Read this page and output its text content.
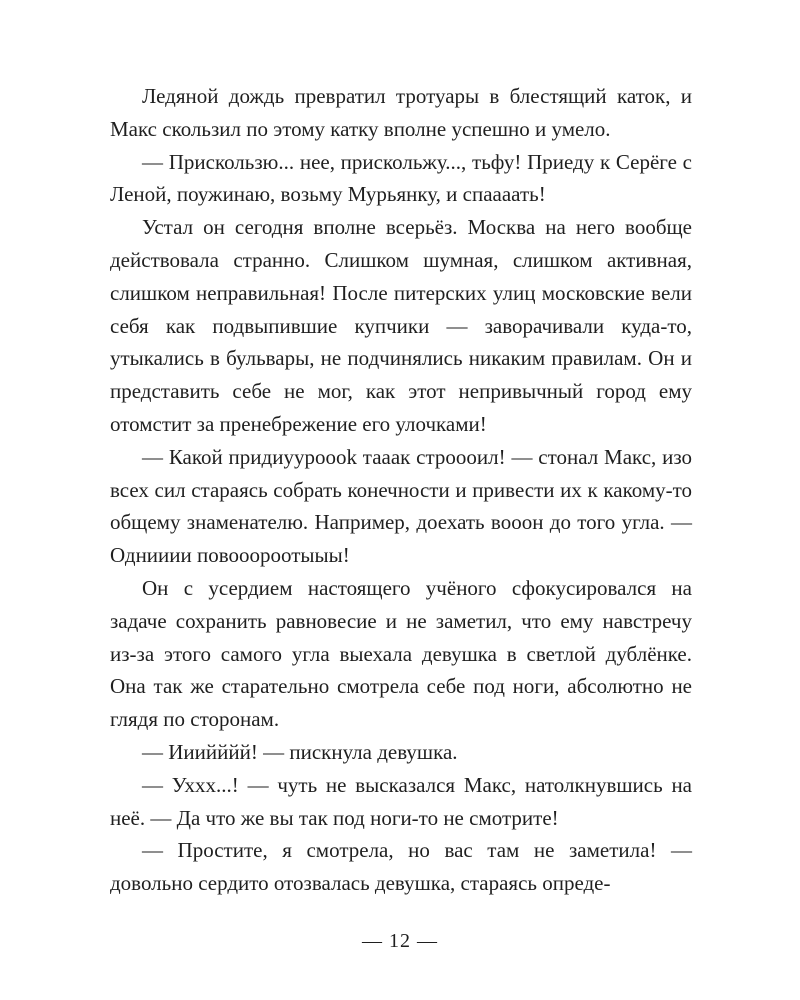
Ледяной дождь превратил тротуары в блестящий каток, и Макс скользил по этому катку вполне успешно и умело.

— Прискользю... нее, прискольжу..., тьфу! Приеду к Серёге с Леной, поужинаю, возьму Мурьянку, и спаааать!

Устал он сегодня вполне всерьёз. Москва на него вообще действовала странно. Слишком шумная, слишком активная, слишком неправильная! После питерских улиц московские вели себя как подвыпившие купчики — заворачивали куда-то, утыкались в бульвары, не подчинялись никаким правилам. Он и представить себе не мог, как этот непривычный город ему отомстит за пренебрежение его улочками!

— Какой придиууроook тааак строооил! — стонал Макс, изо всех сил стараясь собрать конечности и привести их к какому-то общему знаменателю. Например, доехать вооон до того угла. — Однииии повооороотыыы!

Он с усердием настоящего учёного сфокусировался на задаче сохранить равновесие и не заметил, что ему навстречу из-за этого самого угла выехала девушка в светлой дублёнке. Она так же старательно смотрела себе под ноги, абсолютно не глядя по сторонам.

— Ииийййй! — пискнула девушка.

— Уххх...! — чуть не высказался Макс, натолкнувшись на неё. — Да что же вы так под ноги-то не смотрите!

— Простите, я смотрела, но вас там не заметила! — довольно сердито отозвалась девушка, стараясь опреде-

— 12 —
